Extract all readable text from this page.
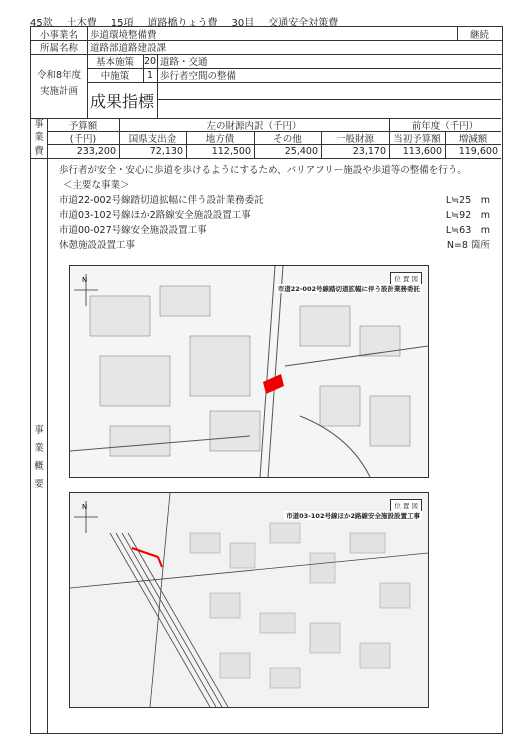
45款 土木費 15項 道路橋りょう費 30目 交通安全対策費
小事業名	歩道環境整備費	継続
所属名称	道路部道路建設課
令和8年度
実施計画
基本施策	20 道路・交通
中施策	1 歩行者空間の整備
成果指標
事
業
費
予算額	左の財源内訳（千円）	前年度（千円）
(千円)	国県支出金	地方債	その他	一般財源	当初予算額	増減額
233,200	72,130	112,500	25,400	23,170	113,600	119,600
事
業
概
要
歩行者が安全・安心に歩道を歩けるようにするため、バリアフリー施設や歩道等の整備を行う。
＜主要な事業＞
市道22-002号線踏切道拡幅に伴う設計業務委託	L≒25　m
市道03-102号線ほか2路線安全施設設置工事	L≒92　m
市道00-027号線安全施設設置工事	L≒63　m
休憩施設設置工事	N=8 箇所
N	位 置 図
市道22-002号線踏切道拡幅に伴う設計業務委託
N	位 置 図
市道03-102号線ほか2路線安全施設設置工事
